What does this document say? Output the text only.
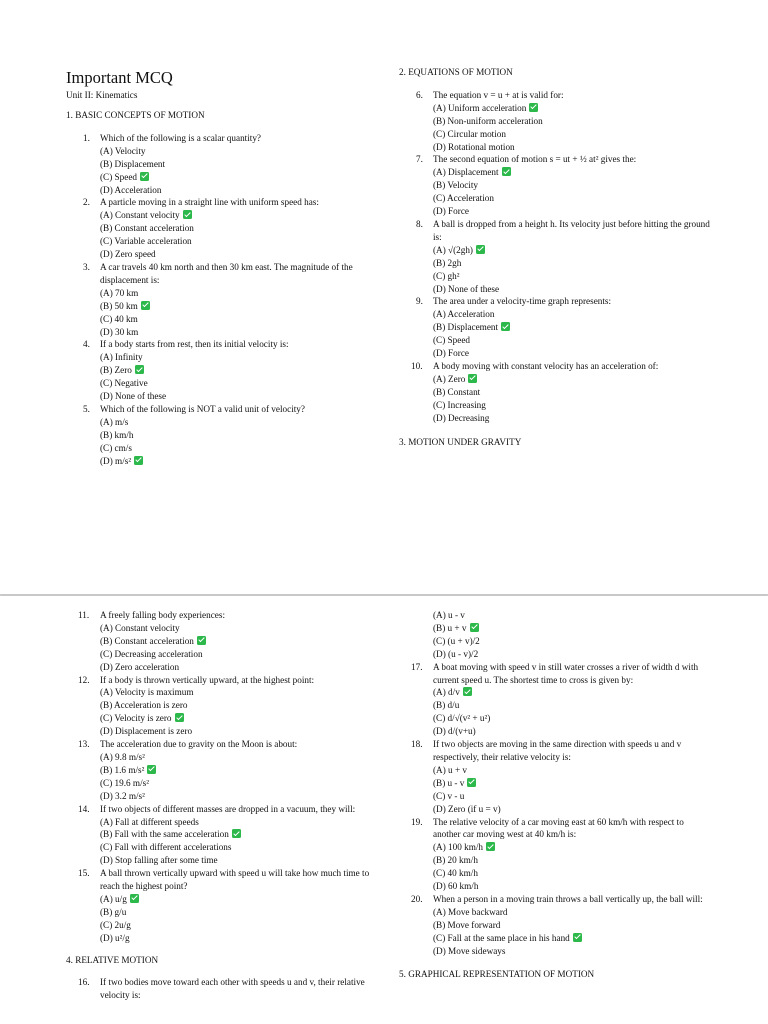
Important MCQ

Unit II: Kinematics

1. BASIC CONCEPTS OF MOTION

1. Which of the following is a scalar quantity?

(A) Velocity

(B) Displacement

(C) Speed

(D) Acceleration

2. A particle moving in a straight line with uniform speed has:

(A) Constant velocity

(B) Constant acceleration

(C) Variable acceleration

(D) Zero speed

3. A car travels 40 km north and then 30 km east. The magnitude of the displacement is:

(A) 70 km

(B) 50 km

(C) 40 km

(D) 30 km

4. If a body starts from rest, then its initial velocity is:

(A) Infinity

(B) Zero

(C) Negative

(D) None of these

5. Which of the following is NOT a valid unit of velocity?

(A) m/s

(B) km/h

(C) cm/s

(D) m/s²

2. EQUATIONS OF MOTION

6. The equation v = u + at is valid for:

(A) Uniform acceleration

(B) Non-uniform acceleration

(C) Circular motion

(D) Rotational motion

7. The second equation of motion s = ut + ½ at² gives the:

(A) Displacement

(B) Velocity

(C) Acceleration

(D) Force

8. A ball is dropped from a height h. Its velocity just before hitting the ground is:

(A) √(2gh)

(B) 2gh

(C) gh²

(D) None of these

9. The area under a velocity-time graph represents:

(A) Acceleration

(B) Displacement

(C) Speed

(D) Force

10. A body moving with constant velocity has an acceleration of:

(A) Zero

(B) Constant

(C) Increasing

(D) Decreasing

3. MOTION UNDER GRAVITY

11. A freely falling body experiences:

(A) Constant velocity

(B) Constant acceleration

(C) Decreasing acceleration

(D) Zero acceleration

12. If a body is thrown vertically upward, at the highest point:

(A) Velocity is maximum

(B) Acceleration is zero

(C) Velocity is zero

(D) Displacement is zero

13. The acceleration due to gravity on the Moon is about:

(A) 9.8 m/s²

(B) 1.6 m/s²

(C) 19.6 m/s²

(D) 3.2 m/s²

14. If two objects of different masses are dropped in a vacuum, they will:

(A) Fall at different speeds

(B) Fall with the same acceleration

(C) Fall with different accelerations

(D) Stop falling after some time

15. A ball thrown vertically upward with speed u will take how much time to reach the highest point?

(A) u/g

(B) g/u

(C) 2u/g

(D) u²/g

4. RELATIVE MOTION

16. If two bodies move toward each other with speeds u and v, their relative velocity is:

(A) u - v

(B) u + v

(C) (u + v)/2

(D) (u - v)/2

17. A boat moving with speed v in still water crosses a river of width d with current speed u. The shortest time to cross is given by:

(A) d/v

(B) d/u

(C) d/√(v² + u²)

(D) d/(v+u)

18. If two objects are moving in the same direction with speeds u and v respectively, their relative velocity is:

(A) u + v

(B) u - v

(C) v - u

(D) Zero (if u = v)

19. The relative velocity of a car moving east at 60 km/h with respect to another car moving west at 40 km/h is:

(A) 100 km/h

(B) 20 km/h

(C) 40 km/h

(D) 60 km/h

20. When a person in a moving train throws a ball vertically up, the ball will:

(A) Move backward

(B) Move forward

(C) Fall at the same place in his hand

(D) Move sideways

5. GRAPHICAL REPRESENTATION OF MOTION
